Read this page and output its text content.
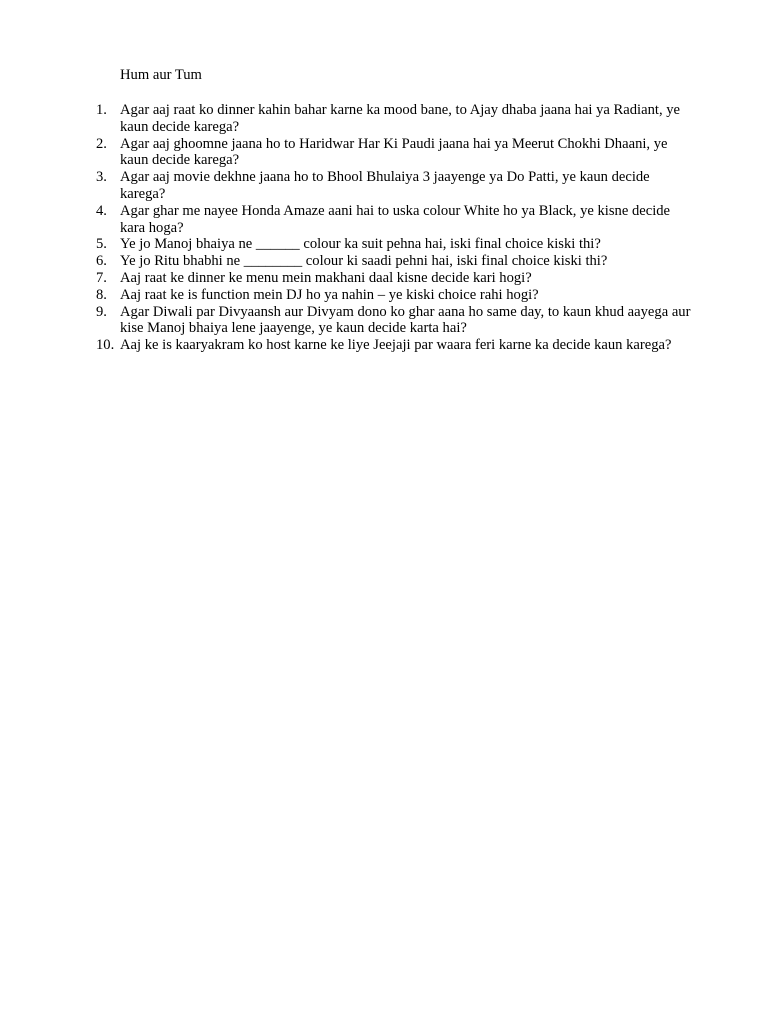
Hum aur Tum
1. Agar aaj raat ko dinner kahin bahar karne ka mood bane, to Ajay dhaba jaana hai ya Radiant, ye kaun decide karega?
2. Agar aaj ghoomne jaana ho to Haridwar Har Ki Paudi jaana hai ya Meerut Chokhi Dhaani, ye kaun decide karega?
3. Agar aaj movie dekhne jaana ho to Bhool Bhulaiya 3 jaayenge ya Do Patti, ye kaun decide karega?
4. Agar ghar me nayee Honda Amaze aani hai to uska colour White ho ya Black, ye kisne decide kara hoga?
5. Ye jo Manoj bhaiya ne ______ colour ka suit pehna hai, iski final choice kiski thi?
6. Ye jo Ritu bhabhi ne ________ colour ki saadi pehni hai, iski final choice kiski thi?
7. Aaj raat ke dinner ke menu mein makhani daal kisne decide kari hogi?
8. Aaj raat ke is function mein DJ ho ya nahin – ye kiski choice rahi hogi?
9. Agar Diwali par Divyaansh aur Divyam dono ko ghar aana ho same day, to kaun khud aayega aur kise Manoj bhaiya lene jaayenge, ye kaun decide karta hai?
10. Aaj ke is kaaryakram ko host karne ke liye Jeejaji par waara feri karne ka decide kaun karega?
